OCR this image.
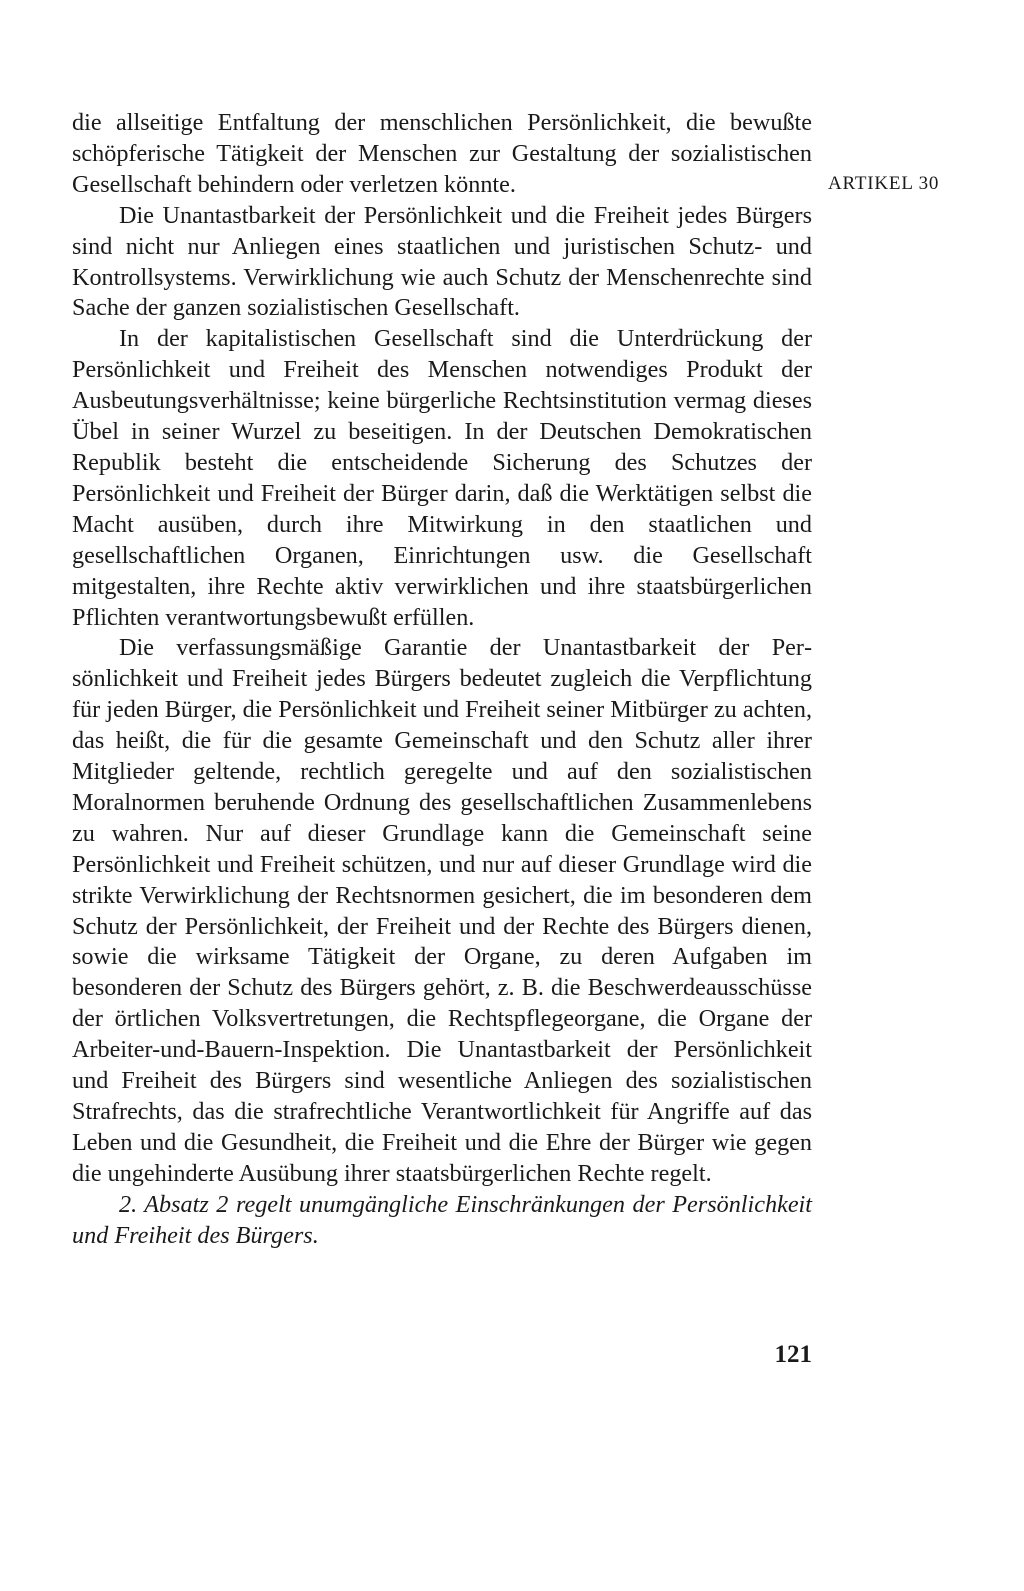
die allseitige Entfaltung der menschlichen Persönlichkeit, die bewußte schöpferische Tätigkeit der Menschen zur Gestaltung der sozialistischen Gesellschaft behindern oder verletzen könnte.

Die Unantastbarkeit der Persönlichkeit und die Freiheit jedes Bürgers sind nicht nur Anliegen eines staatlichen und juristischen Schutz- und Kontrollsystems. Verwirklichung wie auch Schutz der Menschenrechte sind Sache der ganzen sozialistischen Gesellschaft.

In der kapitalistischen Gesellschaft sind die Unterdrückung der Persönlichkeit und Freiheit des Menschen notwendiges Produkt der Ausbeutungsverhältnisse; keine bürgerliche Rechtsinstitution vermag dieses Übel in seiner Wurzel zu beseitigen. In der Deutschen Demokratischen Republik besteht die entscheidende Sicherung des Schutzes der Persönlichkeit und Freiheit der Bürger darin, daß die Werktätigen selbst die Macht ausüben, durch ihre Mitwirkung in den staatlichen und gesellschaftlichen Organen, Einrichtungen usw. die Gesellschaft mitgestalten, ihre Rechte aktiv verwirklichen und ihre staatsbürgerlichen Pflichten verantwortungsbewußt erfüllen.

Die verfassungsmäßige Garantie der Unantastbarkeit der Persönlichkeit und Freiheit jedes Bürgers bedeutet zugleich die Verpflichtung für jeden Bürger, die Persönlichkeit und Freiheit seiner Mitbürger zu achten, das heißt, die für die gesamte Gemeinschaft und den Schutz aller ihrer Mitglieder geltende, rechtlich geregelte und auf den sozialistischen Moralnormen beruhende Ordnung des gesellschaftlichen Zusammenlebens zu wahren. Nur auf dieser Grundlage kann die Gemeinschaft seine Persönlichkeit und Freiheit schützen, und nur auf dieser Grundlage wird die strikte Verwirklichung der Rechtsnormen gesichert, die im besonderen dem Schutz der Persönlichkeit, der Freiheit und der Rechte des Bürgers dienen, sowie die wirksame Tätigkeit der Organe, zu deren Aufgaben im besonderen der Schutz des Bürgers gehört, z. B. die Beschwerdeausschüsse der örtlichen Volksvertretungen, die Rechtspflegeorgane, die Organe der Arbeiter-und-Bauern-Inspektion. Die Unantastbarkeit der Persönlichkeit und Freiheit des Bürgers sind wesentliche Anliegen des sozialistischen Strafrechts, das die strafrechtliche Verantwortlichkeit für Angriffe auf das Leben und die Gesundheit, die Freiheit und die Ehre der Bürger wie gegen die ungehinderte Ausübung ihrer staatsbürgerlichen Rechte regelt.

2. Absatz 2 regelt unumgängliche Einschränkungen der Persönlichkeit und Freiheit des Bürgers.

ARTIKEL 30
121
